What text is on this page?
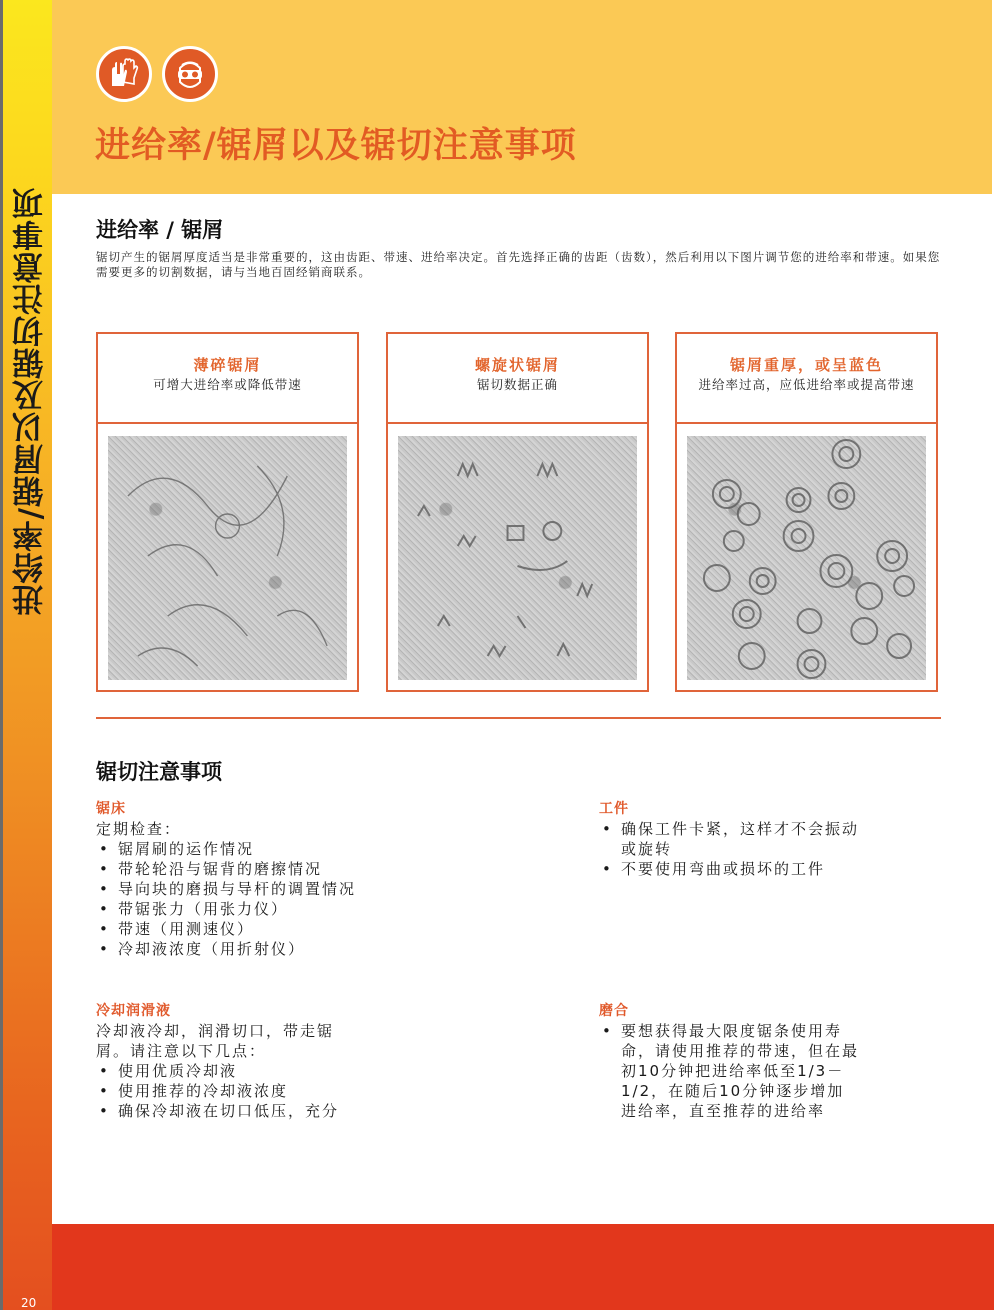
进给率/锯屑以及锯切注意事项
20
进给率/锯屑以及锯切注意事项
进给率 / 锯屑
锯切产生的锯屑厚度适当是非常重要的，这由齿距、带速、进给率决定。首先选择正确的齿距（齿数），然后利用以下图片调节您的进给率和带速。如果您需要更多的切割数据，请与当地百固经销商联系。
薄碎锯屑
可增大进给率或降低带速
螺旋状锯屑
锯切数据正确
锯屑重厚，或呈蓝色
进给率过高，应低进给率或提高带速
锯切注意事项
锯床
定期检查：
• 锯屑刷的运作情况
• 带轮轮沿与锯背的磨擦情况
• 导向块的磨损与导杆的调置情况
• 带锯张力（用张力仪）
• 带速（用测速仪）
• 冷却液浓度（用折射仪）
冷却润滑液
冷却液冷却，润滑切口，带走锯屑。请注意以下几点：
• 使用优质冷却液
• 使用推荐的冷却液浓度
• 确保冷却液在切口低压，充分
工件
• 确保工件卡紧，这样才不会振动或旋转
• 不要使用弯曲或损坏的工件
磨合
• 要想获得最大限度锯条使用寿命，请使用推荐的带速，但在最初10分钟把进给率低至1/3－1/2，在随后10分钟逐步增加进给率，直至推荐的进给率
